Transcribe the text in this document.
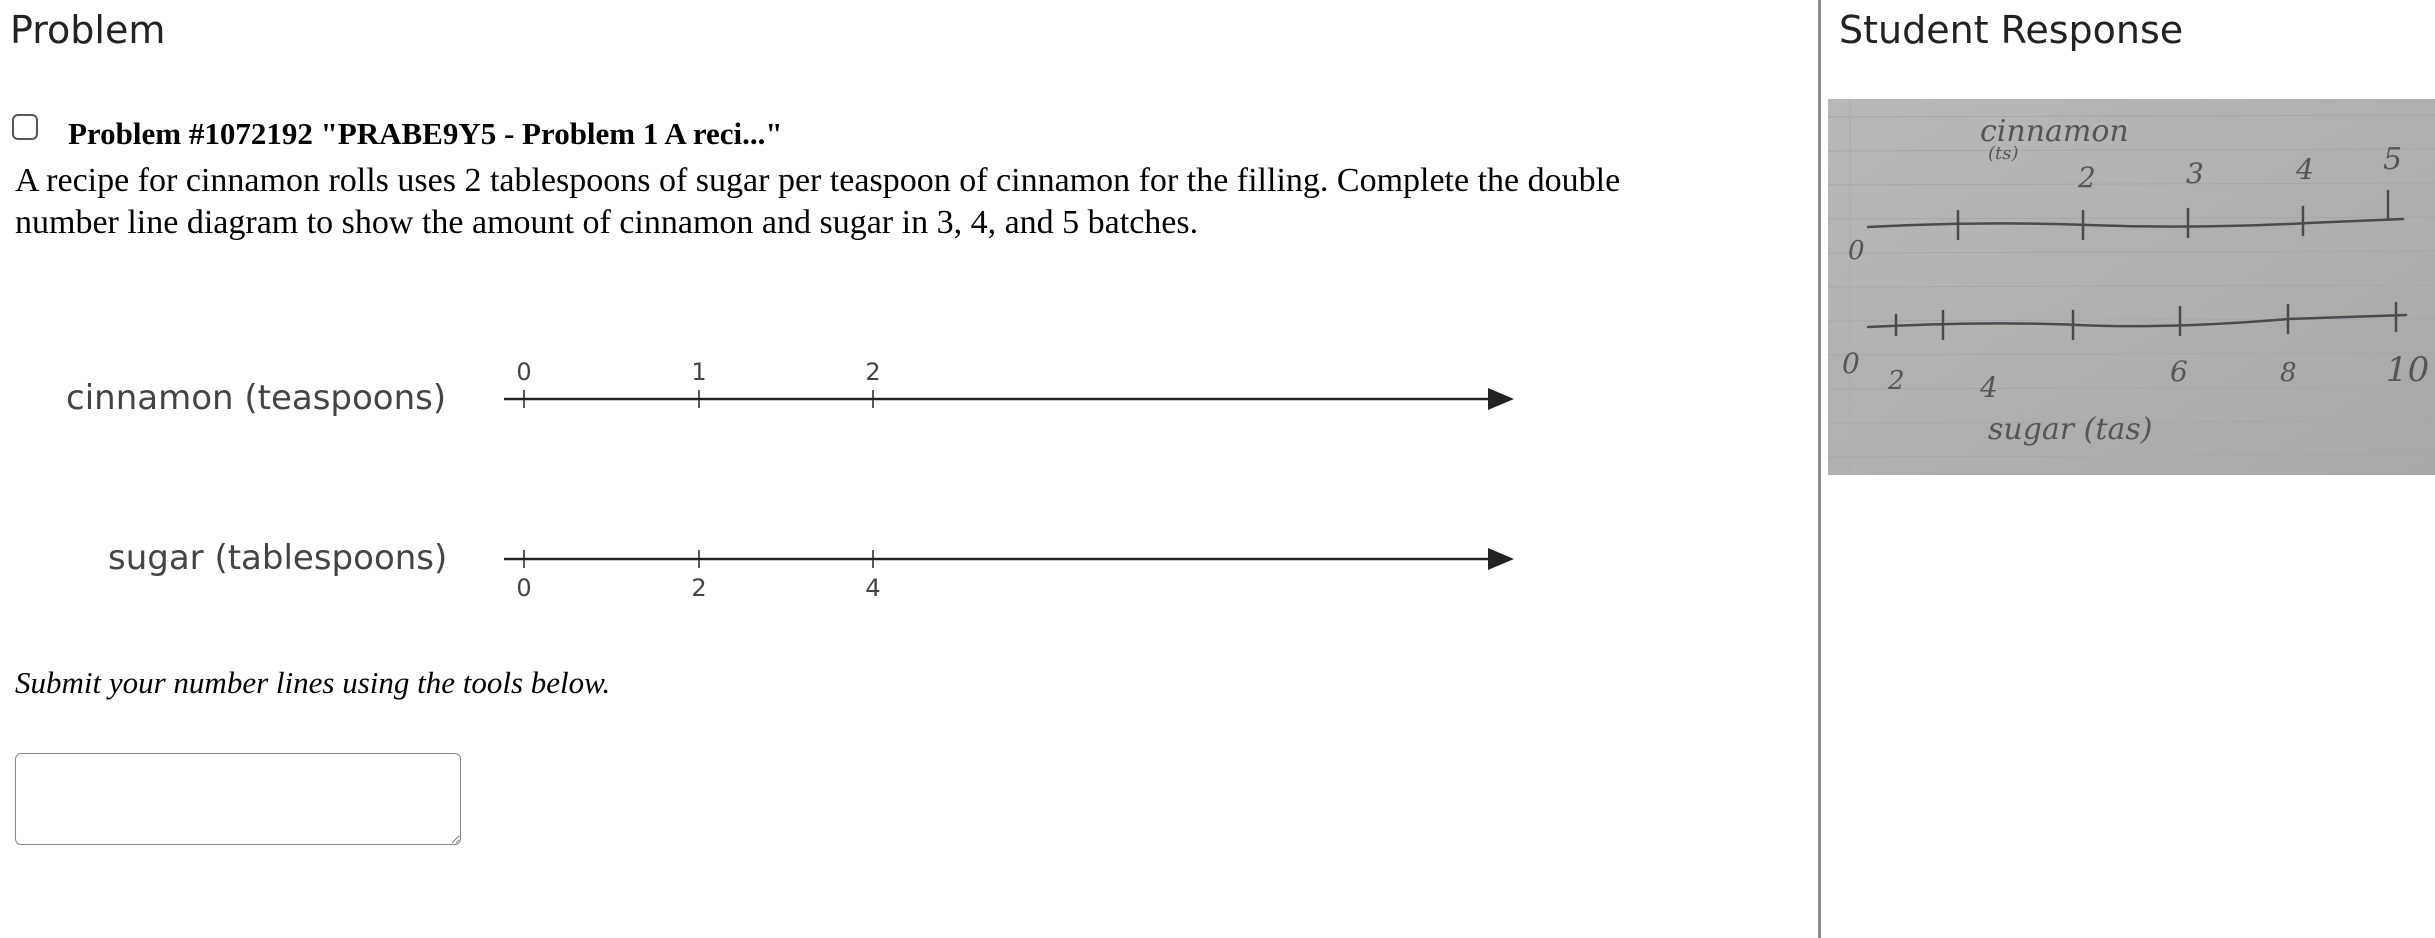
Problem
Problem #1072192 "PRABE9Y5 - Problem 1 A reci..."

A recipe for cinnamon rolls uses 2 tablespoons of sugar per teaspoon of cinnamon for the filling. Complete the double number line diagram to show the amount of cinnamon and sugar in 3, 4, and 5 batches.

cinnamon (teaspoons)
sugar (tablespoons)
0	1	2
0	2	4

Submit your number lines using the tools below.

Student Response
cinnamon
(ts)
0
2	3	4 5
0
2	4	6	8	10
sugar (tas)
